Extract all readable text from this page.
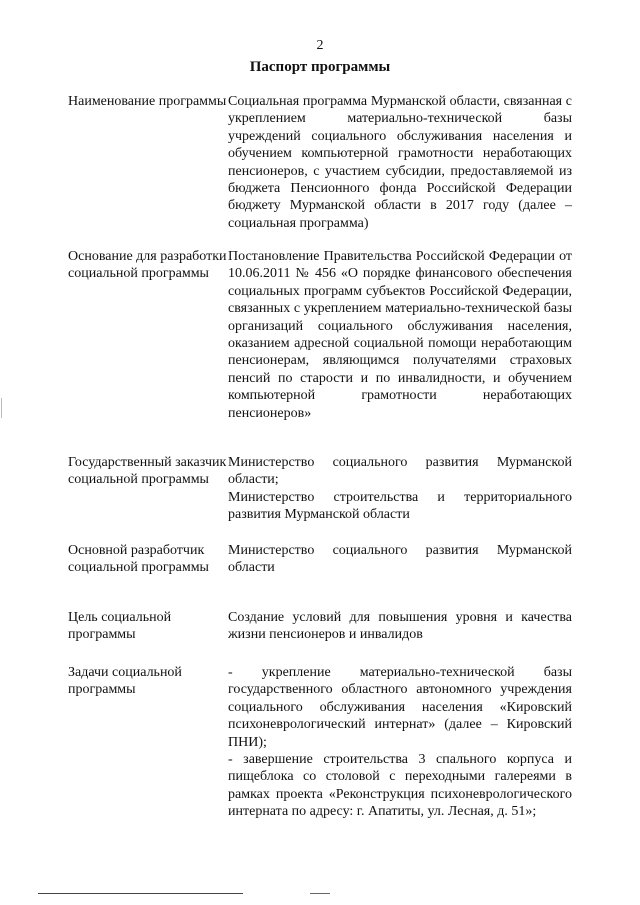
2
Паспорт программы
Наименование программы Социальная программа Мурманской области, связанная с укреплением материально-технической базы учреждений социального обслуживания населения и обучением компьютерной грамотности неработающих пенсионеров, с участием субсидии, предоставляемой из бюджета Пенсионного фонда Российской Федерации бюджету Мурманской области в 2017 году (далее – социальная программа)

Основание для разработки социальной программы

Постановление Правительства Российской Федерации от 10.06.2011 № 456 «О порядке финансового обеспечения социальных программ субъектов Российской Федерации, связанных с укреплением материально-технической базы организаций социального обслуживания населения, оказанием адресной социальной помощи неработающим пенсионерам, являющимся получателями страховых пенсий по старости и по инвалидности, и обучением компьютерной грамотности неработающих пенсионеров»

Государственный заказчик социальной программы

Министерство социального развития Мурманской области;

Министерство строительства и территориального развития Мурманской области

Основной разработчик социальной программы

Министерство социального развития Мурманской области

Цель социальной программы

Создание условий для повышения уровня и качества жизни пенсионеров и инвалидов

Задачи социальной программы

- укрепление материально-технической базы государственного областного автономного учреждения социального обслуживания населения «Кировский психоневрологический интернат» (далее – Кировский ПНИ);

- завершение строительства 3 спального корпуса и пищеблока со столовой с переходными галереями в рамках проекта «Реконструкция психоневрологического интерната по адресу: г. Апатиты, ул. Лесная, д. 51»;
